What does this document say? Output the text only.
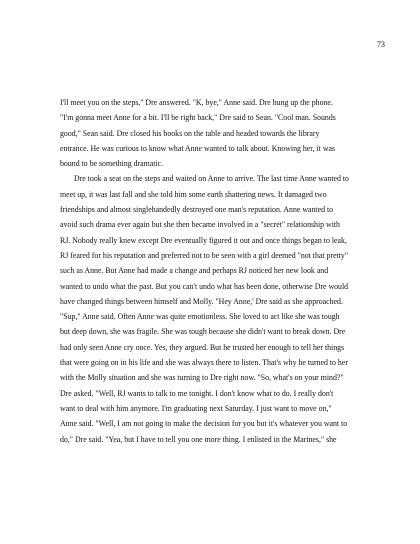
73
I'll meet you on the steps," Dre answered. "K, bye," Anne said. Dre hung up the phone.
"I'm gonna meet Anne for a bit. I'll be right back," Dre said to Sean. "Cool man. Sounds
good," Sean said. Dre closed his books on the table and headed towards the library
entrance. He was curious to know what Anne wanted to talk about. Knowing her, it was
bound to be something dramatic.
Dre took a seat on the steps and waited on Anne to arrive. The last time Anne wanted to
meet up, it was last fall and she told him some earth shattering news. It damaged two
friendships and almost singlehandedly destroyed one man's reputation. Anne wanted to
avoid such drama ever again but she then became involved in a "secret" relationship with
RJ. Nobody really knew except Dre eventually figured it out and once things began to leak,
RJ feared for his reputation and preferred not to be seen with a girl deemed "not that pretty"
such as Anne. But Anne had made a change and perhaps RJ noticed her new look and
wanted to undo what the past. But you can't undo what has been done, otherwise Dre would
have changed things between himself and Molly. "Hey Anne,' Dre said as she approached.
"Sup," Anne said. Often Anne was quite emotionless. She loved to act like she was tough
but deep down, she was fragile. She was tough because she didn't want to break down. Dre
had only seen Anne cry once. Yes, they argued. But he trusted her enough to tell her things
that were going on in his life and she was always there to listen. That's why he turned to her
with the Molly situation and she was turning to Dre right now. "So, what's on your mind?"
Dre asked. "Well, RJ wants to talk to me tonight. I don't know what to do. I really don't
want to deal with him anymore. I'm graduating next Saturday. I just want to move on,"
Anne said. "Well, I am not going to make the decision for you but it's whatever you want to
do," Dre said. "Yea, but I have to tell you one more thing. I enlisted in the Marines," she
